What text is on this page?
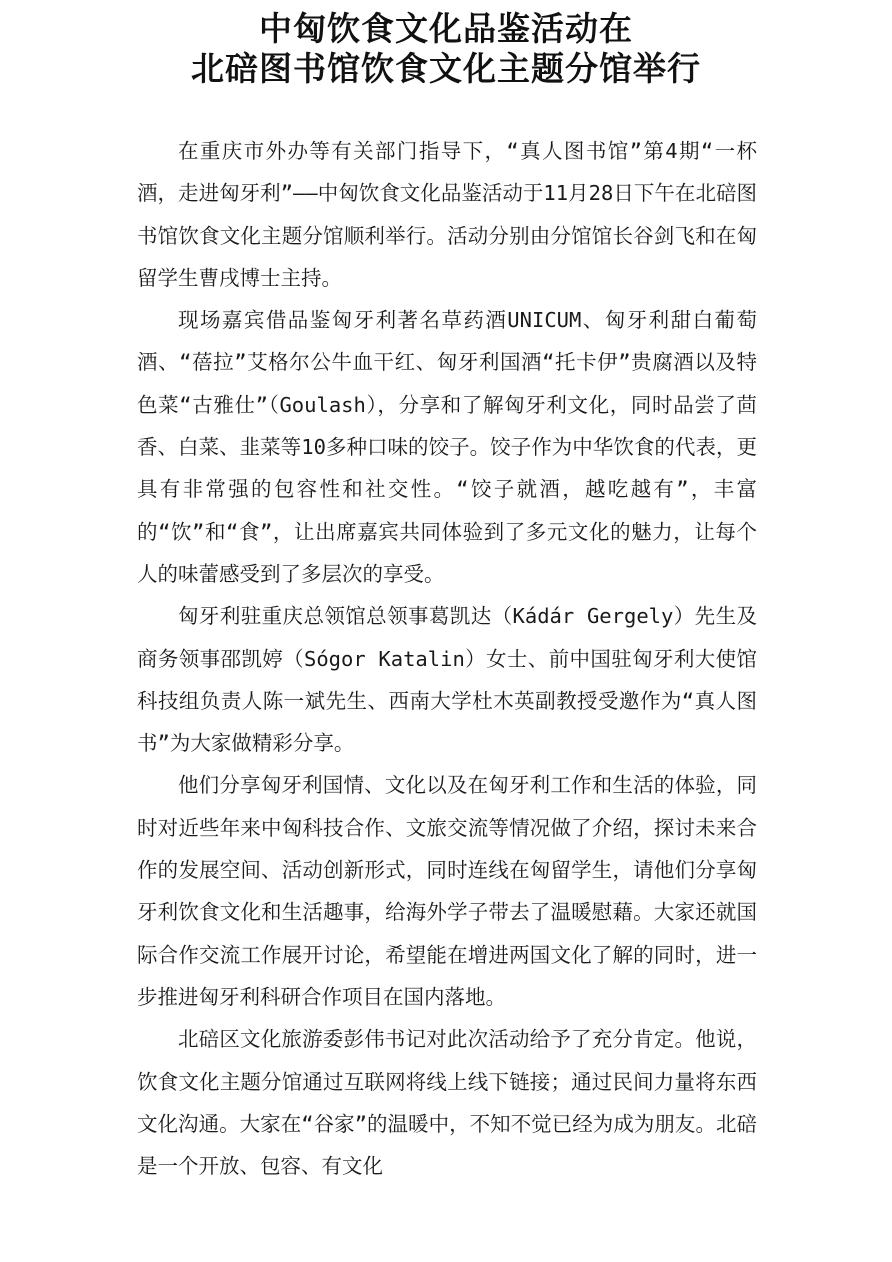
中匈饮食文化品鉴活动在
北碚图书馆饮食文化主题分馆举行

在重庆市外办等有关部门指导下，“真人图书馆”第4期“一杯酒，走进匈牙利”——中匈饮食文化品鉴活动于11月28日下午在北碚图书馆饮食文化主题分馆顺利举行。活动分别由分馆馆长谷剑飞和在匈留学生曹戌博士主持。

现场嘉宾借品鉴匈牙利著名草药酒UNICUM、匈牙利甜白葡萄酒、“蓓拉”艾格尔公牛血干红、匈牙利国酒“托卡伊”贵腐酒以及特色菜“古雅仕”（Goulash），分享和了解匈牙利文化，同时品尝了茴香、白菜、韭菜等10多种口味的饺子。饺子作为中华饮食的代表，更具有非常强的包容性和社交性。“饺子就酒，越吃越有”，丰富的“饮”和“食”，让出席嘉宾共同体验到了多元文化的魅力，让每个人的味蕾感受到了多层次的享受。

匈牙利驻重庆总领馆总领事葛凯达（Kádár Gergely）先生及商务领事邵凯婷（Sógor Katalin）女士、前中国驻匈牙利大使馆科技组负责人陈一斌先生、西南大学杜木英副教授受邀作为“真人图书”为大家做精彩分享。

他们分享匈牙利国情、文化以及在匈牙利工作和生活的体验，同时对近些年来中匈科技合作、文旅交流等情况做了介绍，探讨未来合作的发展空间、活动创新形式，同时连线在匈留学生，请他们分享匈牙利饮食文化和生活趣事，给海外学子带去了温暖慰藉。大家还就国际合作交流工作展开讨论，希望能在增进两国文化了解的同时，进一步推进匈牙利科研合作项目在国内落地。

北碚区文化旅游委彭伟书记对此次活动给予了充分肯定。他说，饮食文化主题分馆通过互联网将线上线下链接；通过民间力量将东西文化沟通。大家在“谷家”的温暖中，不知不觉已经为成为朋友。北碚是一个开放、包容、有文化
